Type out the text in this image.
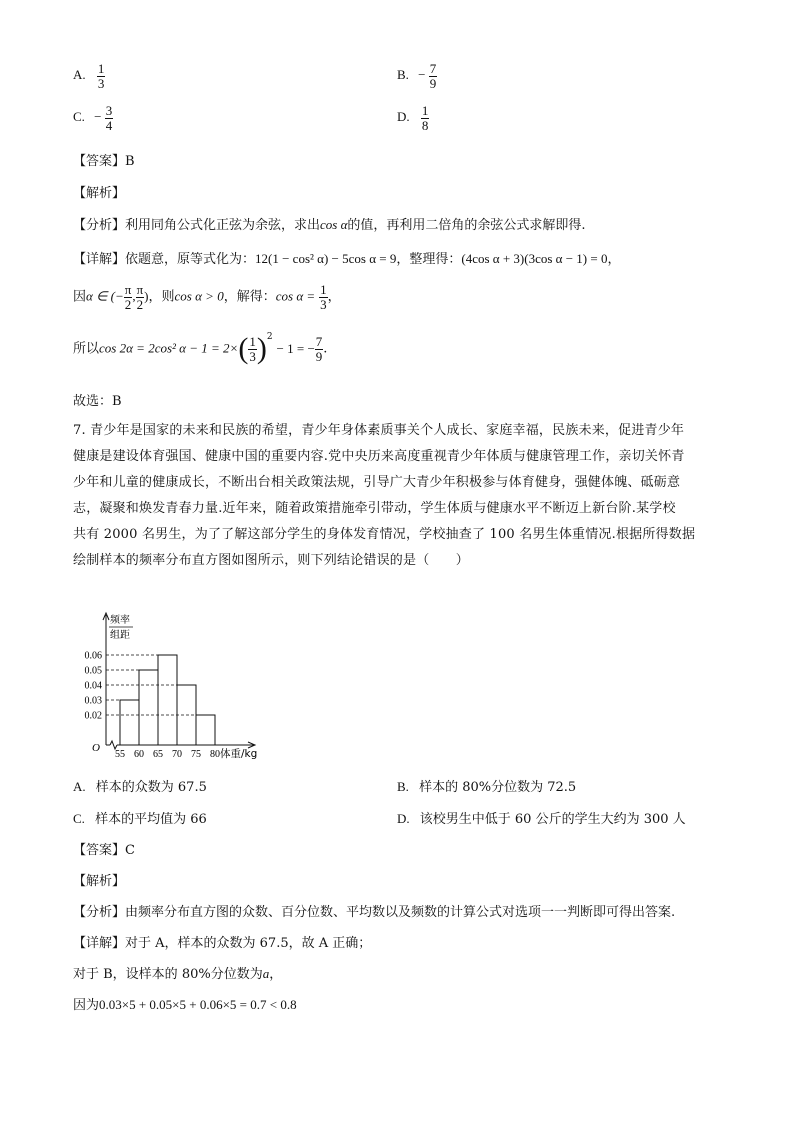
A. $\frac{1}{3}$	B. − $\frac{7}{9}$
C. − $\frac{3}{4}$	D. $\frac{1}{8}$
【答案】B
【解析】
【分析】利用同角公式化正弦为余弦，求出cos α的值，再利用二倍角的余弦公式求解即得.
【详解】依题意，原等式化为：12(1 − cos² α) − 5cos α = 9，整理得：(4cos α + 3)(3cos α − 1) = 0，
因α ∈ (− $\frac{\pi}{2}$ , $\frac{\pi}{2}$ )，则cos α > 0，解得：$\cos \alpha = \frac{1}{3}$ ，
所以cos 2α = 2cos² $\alpha - 1 = 2\times( \frac{1}{3} )^2- 1$ = − $\frac{7}{9}$ .
故选：B
7. 青少年是国家的未来和民族的希望，青少年身体素质事关个人成长、家庭幸福，民族未来，促进青少年
健康是建设体育强国、健康中国的重要内容.党中央历来高度重视青少年体质与健康管理工作，亲切关怀青
少年和儿童的健康成长，不断出台相关政策法规，引导广大青少年积极参与体育健身，强健体魄、砥砺意
志，凝聚和焕发青春力量.近年来，随着政策措施牵引带动，学生体质与健康水平不断迈上新台阶.某学校
共有 2000 名男生，为了了解这部分学生的身体发育情况，学校抽查了 100 名男生体重情况.根据所得数据
绘制样本的频率分布直方图如图所示，则下列结论错误的是（　　）
O
频率
组距
0.02
0.03
0.04
0.05
0.06
55 60 65 70 75 80 体重/kg
A. 样本的众数为 67.5	B. 样本的 80%分位数为 72.5
C. 样本的平均值为 66	D. 该校男生中低于 60 公斤的学生大约为 300 人
【答案】C
【解析】
【分析】由频率分布直方图的众数、百分位数、平均数以及频数的计算公式对选项一一判断即可得出答案.
【详解】对于 A，样本的众数为 67.5，故 A 正确；
对于 B，设样本的 80%分位数为a，
因为0.03×5 + 0.05×5 + 0.06×5 = 0.7 < 0.8
